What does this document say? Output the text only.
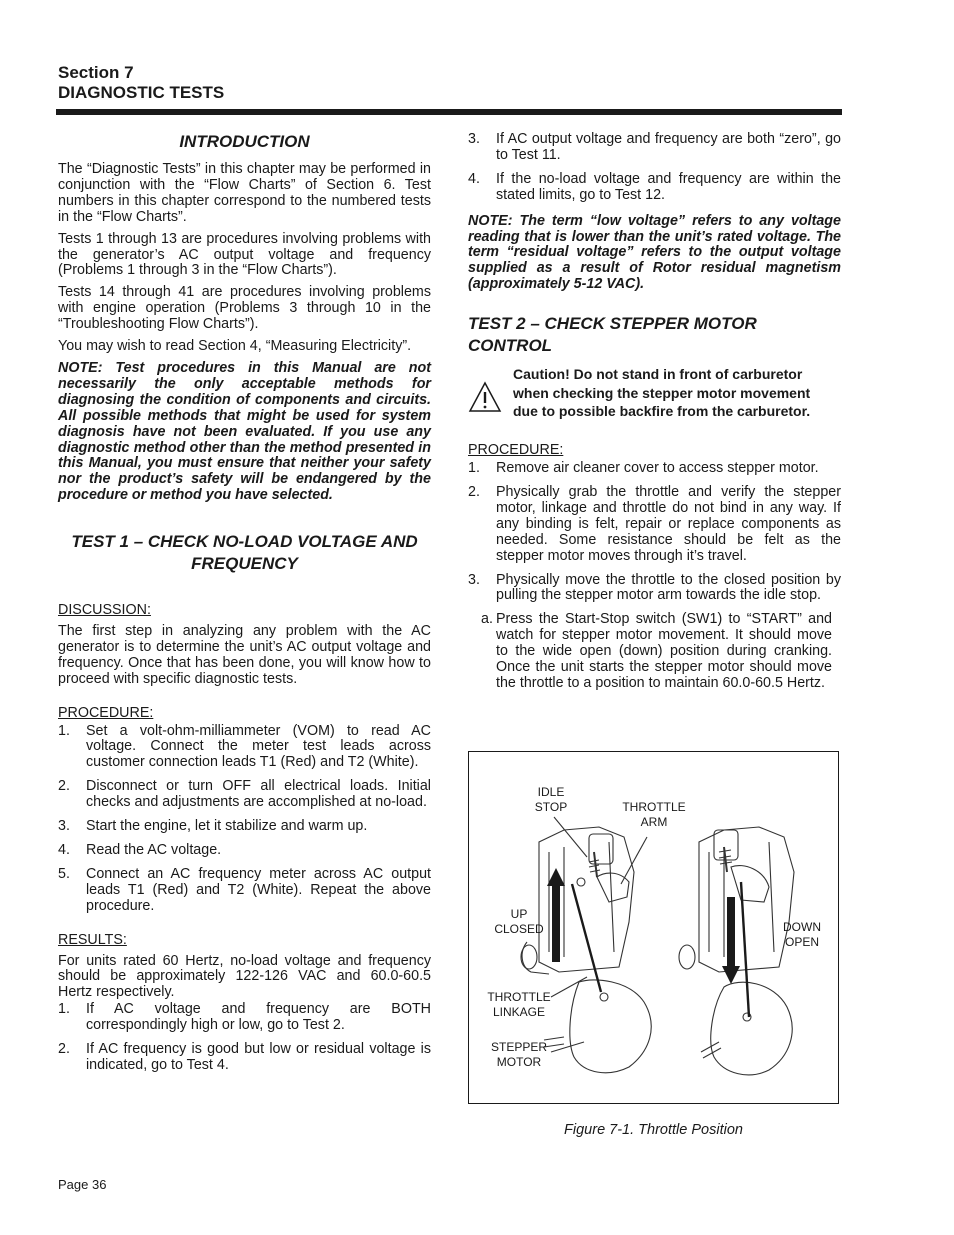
Section 7
DIAGNOSTIC TESTS
INTRODUCTION

The “Diagnostic Tests” in this chapter may be performed in conjunction with the “Flow Charts” of Section 6. Test numbers in this chapter correspond to the numbered tests in the “Flow Charts”.

Tests 1 through 13 are procedures involving problems with the generator’s AC output voltage and frequency (Problems 1 through 3 in the “Flow Charts”).

Tests 14 through 41 are procedures involving problems with engine operation (Problems 3 through 10 in the “Troubleshooting Flow Charts”).

You may wish to read Section 4, “Measuring Electricity”.

NOTE: Test procedures in this Manual are not necessarily the only acceptable methods for diagnosing the condition of components and circuits. All possible methods that might be used for system diagnosis have not been evaluated. If you use any diagnostic method other than the method presented in this Manual, you must ensure that neither your safety nor the product’s safety will be endangered by the procedure or method you have selected.

TEST 1 – CHECK NO-LOAD VOLTAGE AND FREQUENCY

DISCUSSION:

The first step in analyzing any problem with the AC generator is to determine the unit’s AC output voltage and frequency. Once that has been done, you will know how to proceed with specific diagnostic tests.

PROCEDURE:

1. Set a volt-ohm-milliammeter (VOM) to read AC voltage. Connect the meter test leads across customer connection leads T1 (Red) and T2 (White).
2. Disconnect or turn OFF all electrical loads. Initial checks and adjustments are accomplished at no-load.
3. Start the engine, let it stabilize and warm up.
4. Read the AC voltage.
5. Connect an AC frequency meter across AC output leads T1 (Red) and T2 (White). Repeat the above procedure.

RESULTS:

For units rated 60 Hertz, no-load voltage and frequency should be approximately 122-126 VAC and 60.0-60.5 Hertz respectively.

1. If AC voltage and frequency are BOTH correspondingly high or low, go to Test 2.
2. If AC frequency is good but low or residual voltage is indicated, go to Test 4.
3. If AC output voltage and frequency are both “zero”, go to Test 11.
4. If the no-load voltage and frequency are within the stated limits, go to Test 12.

NOTE: The term “low voltage” refers to any voltage reading that is lower than the unit’s rated voltage. The term “residual voltage” refers to the output voltage supplied as a result of Rotor residual magnetism (approximately 5-12 VAC).

TEST 2 – CHECK STEPPER MOTOR CONTROL
Caution! Do not stand in front of carburetor when checking the stepper motor movement due to possible backfire from the carburetor.

PROCEDURE:

1. Remove air cleaner cover to access stepper motor.
2. Physically grab the throttle and verify the stepper motor, linkage and throttle do not bind in any way. If any binding is felt, repair or replace components as needed. Some resistance should be felt as the stepper motor moves through it’s travel.
3. Physically move the throttle to the closed position by pulling the stepper motor arm towards the idle stop.
a. Press the Start-Stop switch (SW1) to “START” and watch for stepper motor movement. It should move to the wide open (down) position during cranking. Once the unit starts the stepper motor should move the throttle to a position to maintain 60.0-60.5 Hertz.
IDLE
STOP	THROTTLE
ARM
UP
CLOSED	DOWN
OPEN
THROTTLE
LINKAGE
STEPPER
MOTOR
Figure 7-1. Throttle Position
Page 36
